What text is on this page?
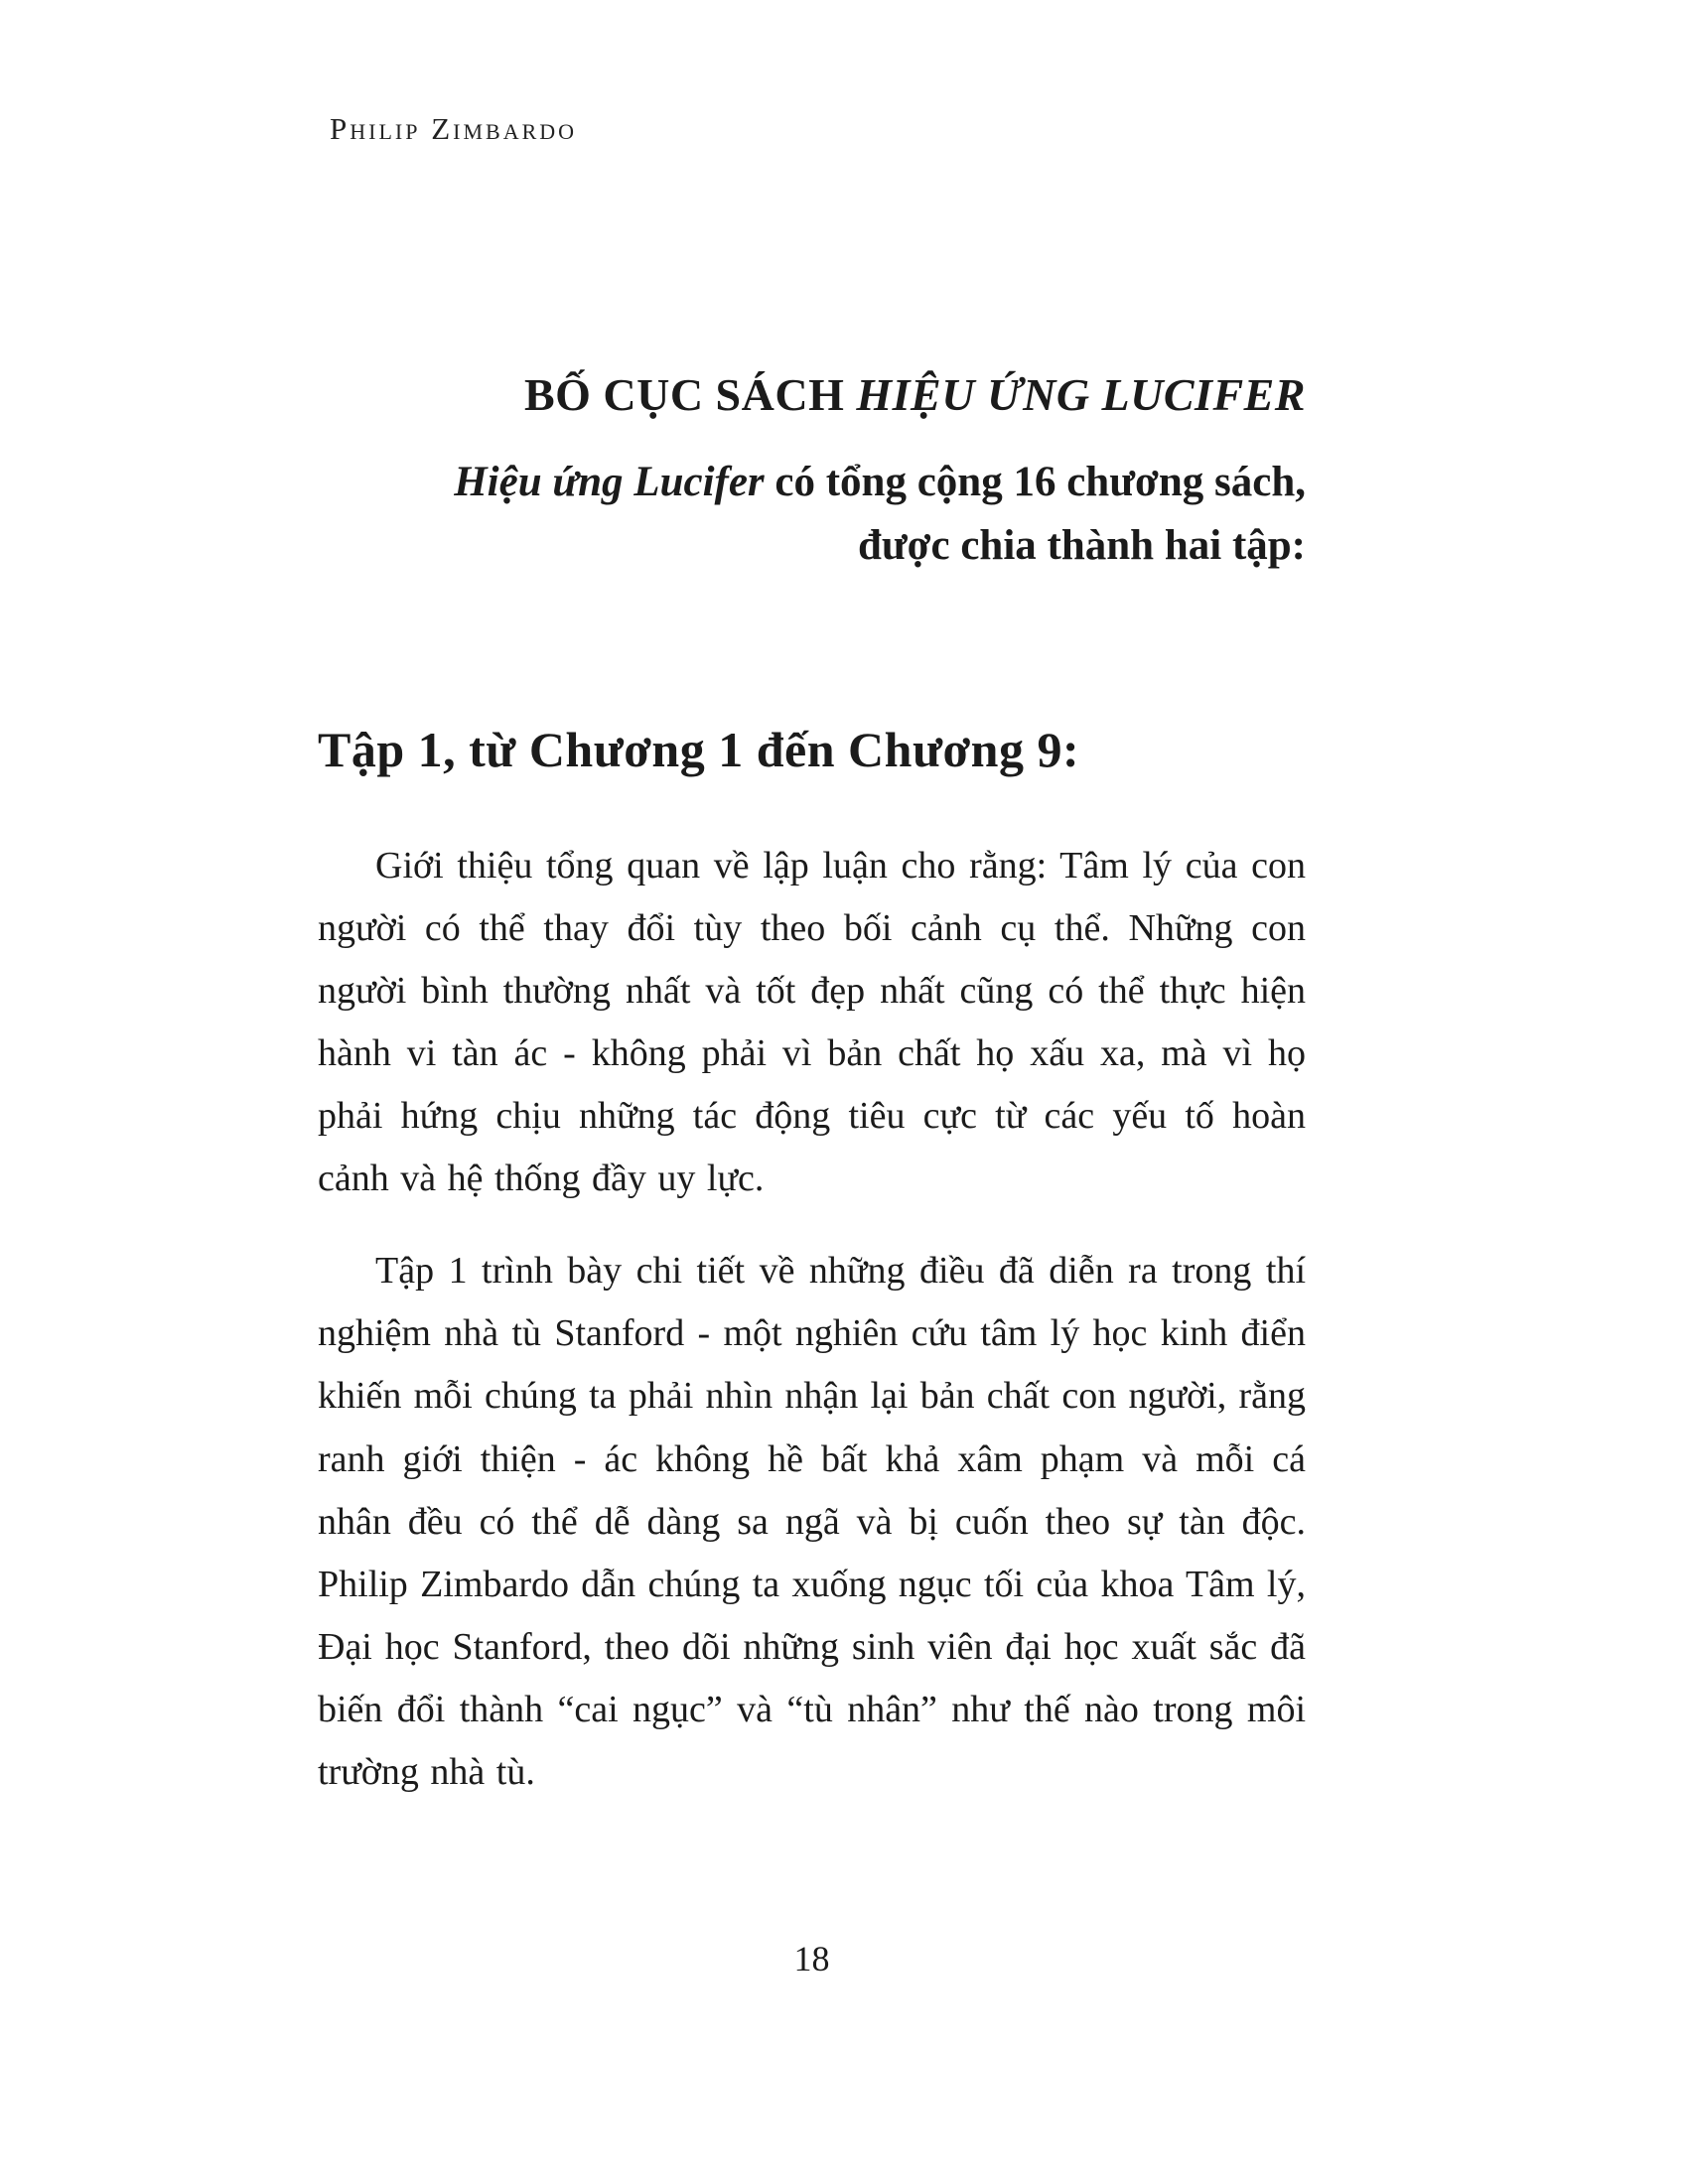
Philip Zimbardo
BỐ CỤC SÁCH HIỆU ỨNG LUCIFER
Hiệu ứng Lucifer có tổng cộng 16 chương sách,
được chia thành hai tập:
Tập 1, từ Chương 1 đến Chương 9:

Giới thiệu tổng quan về lập luận cho rằng: Tâm lý của con người có thể thay đổi tùy theo bối cảnh cụ thể. Những con người bình thường nhất và tốt đẹp nhất cũng có thể thực hiện hành vi tàn ác - không phải vì bản chất họ xấu xa, mà vì họ phải hứng chịu những tác động tiêu cực từ các yếu tố hoàn cảnh và hệ thống đầy uy lực.

Tập 1 trình bày chi tiết về những điều đã diễn ra trong thí nghiệm nhà tù Stanford - một nghiên cứu tâm lý học kinh điển khiến mỗi chúng ta phải nhìn nhận lại bản chất con người, rằng ranh giới thiện - ác không hề bất khả xâm phạm và mỗi cá nhân đều có thể dễ dàng sa ngã và bị cuốn theo sự tàn độc. Philip Zimbardo dẫn chúng ta xuống ngục tối của khoa Tâm lý, Đại học Stanford, theo dõi những sinh viên đại học xuất sắc đã biến đổi thành “cai ngục” và “tù nhân” như thế nào trong môi trường nhà tù.

18
